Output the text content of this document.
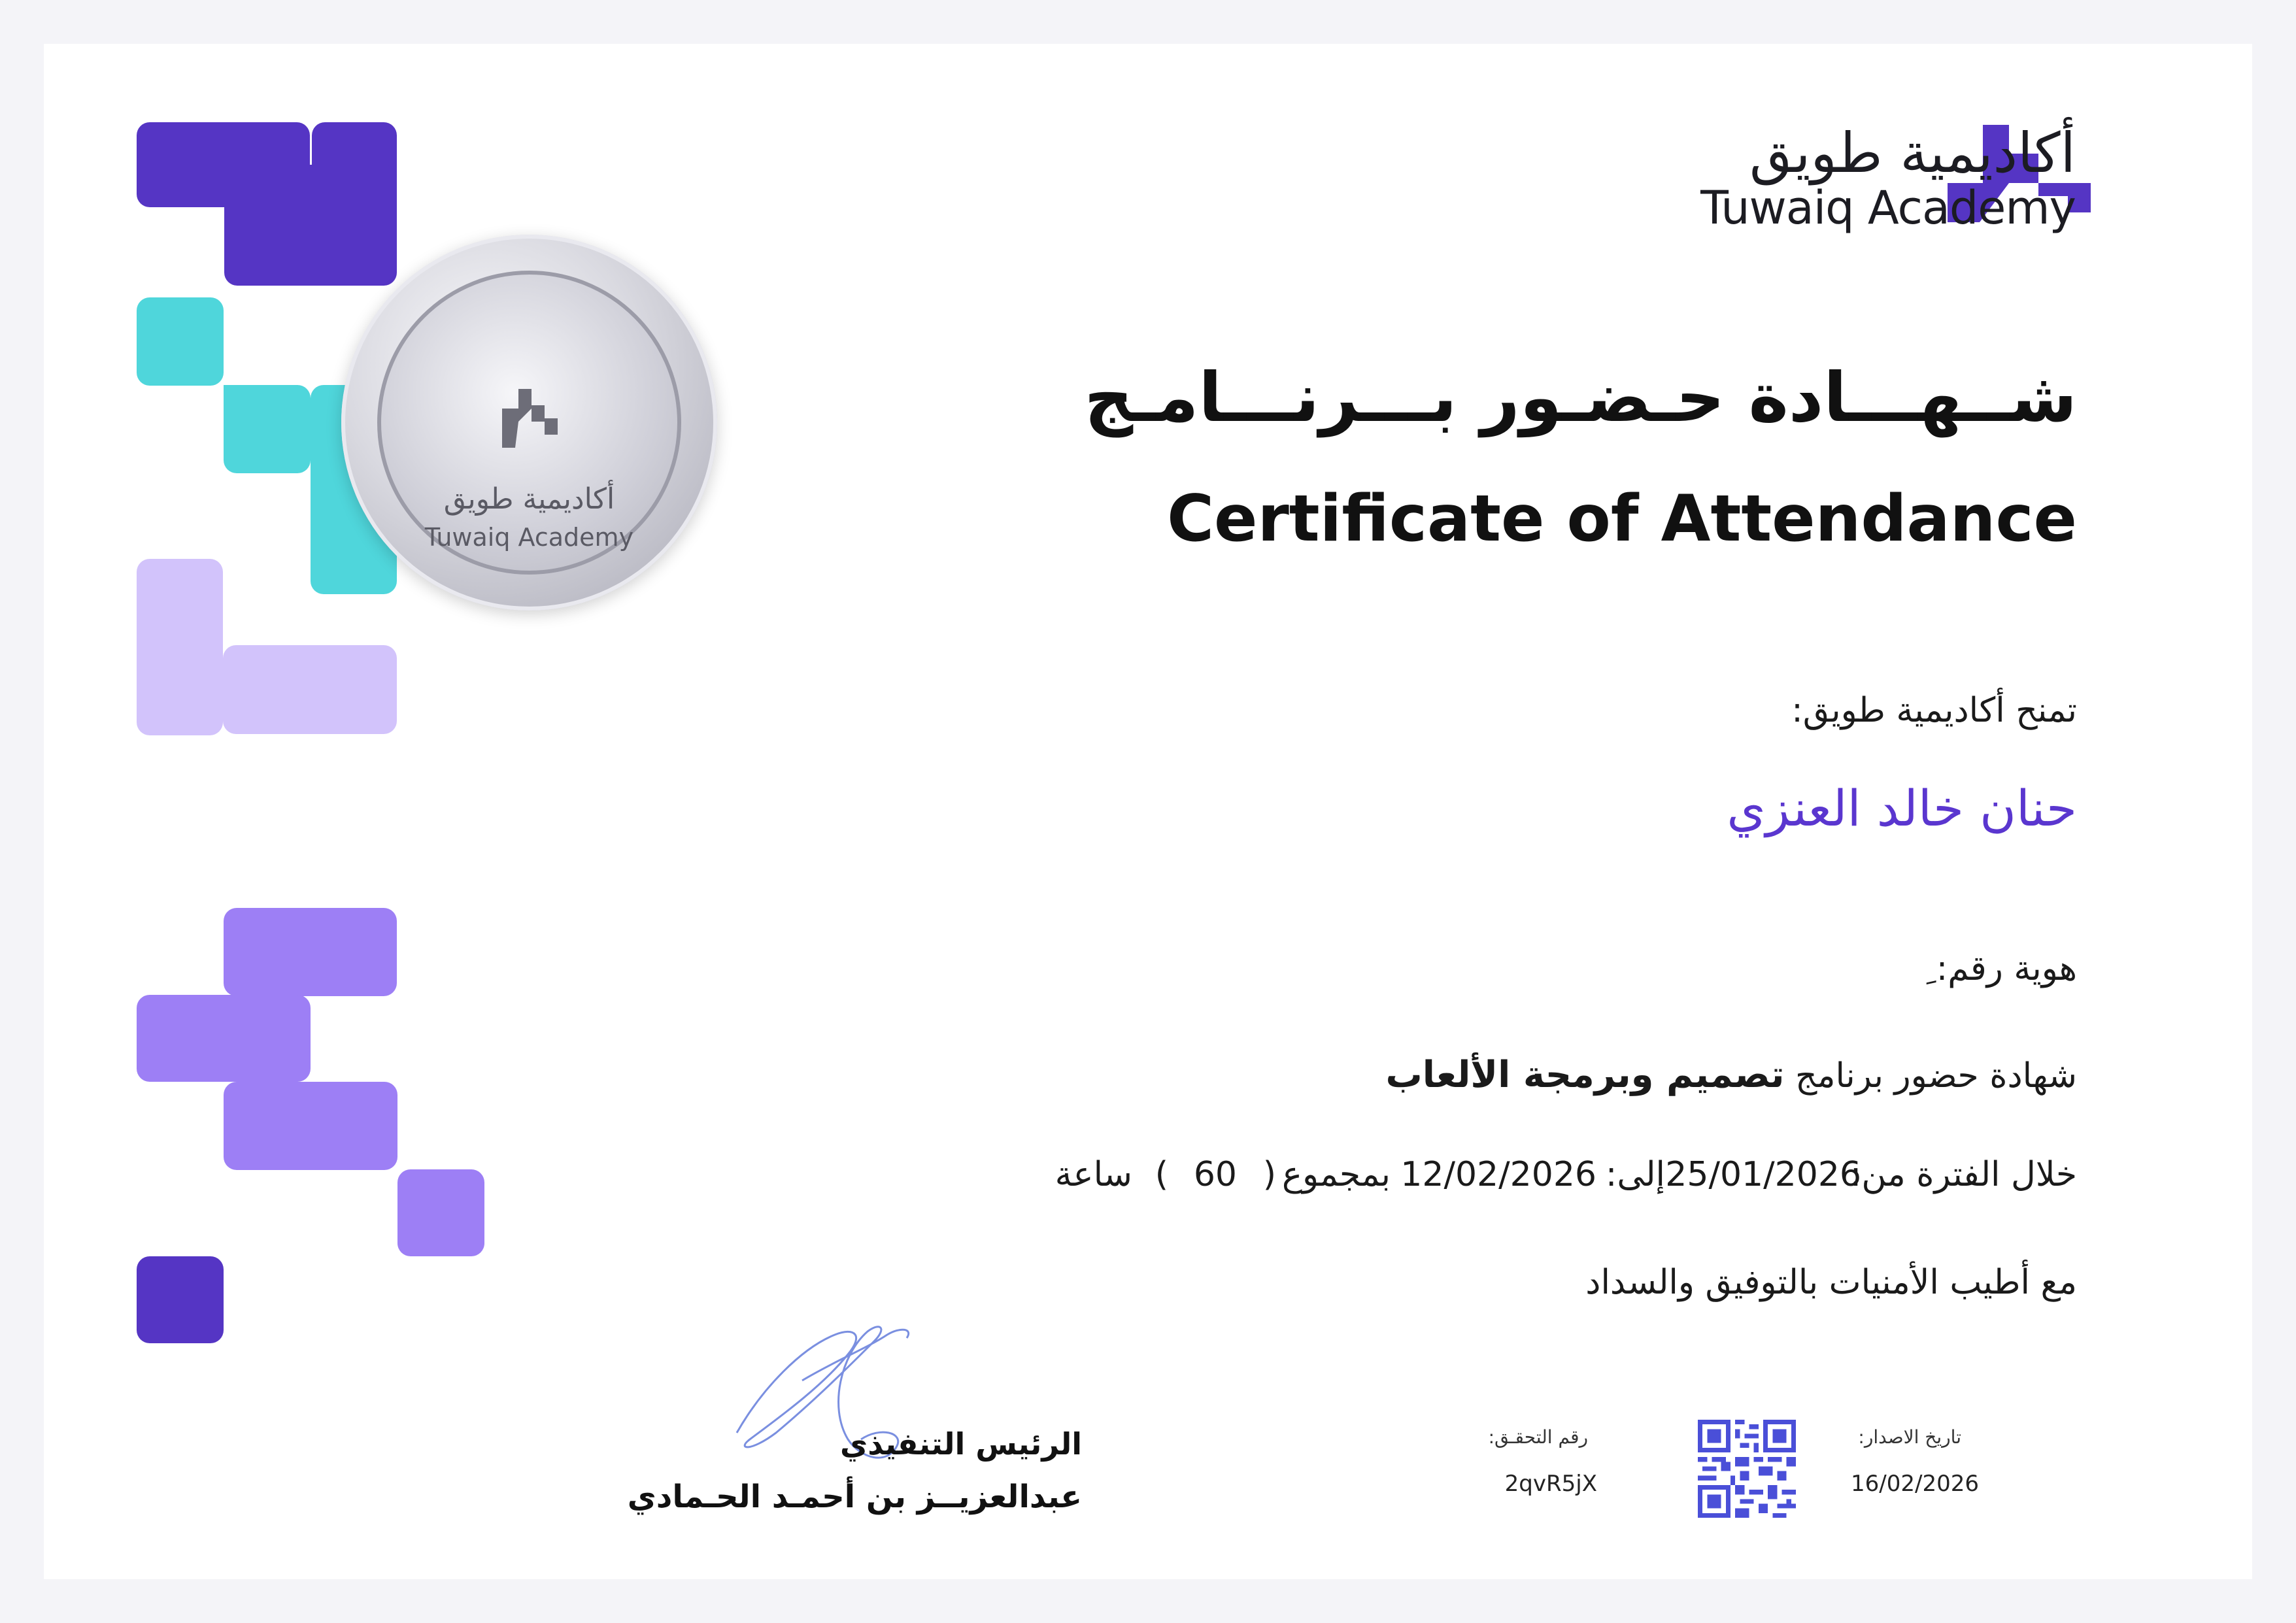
أكاديمية طويق
Tuwaiq Academy
أكاديمية طويق
Tuwaiq Academy
شــهـــادة حـضـور بـــرنـــامـج
Certificate of Attendance
تمنح أكاديمية طويق:
حنان خالد العنزي
هوية رقم:
شهادة حضور برنامج تصميم وبرمجة الألعاب
خلال الفترة من:
25/01/2026
إلى:
12/02/2026
بمجموع
(
60
)
ساعة
مع أطيب الأمنيات بالتوفيق والسداد
الرئيس التنفيذي
عبدالعزيــز بن أحمـد الحـمادي
رقم التحقـق:
2qvR5jX
تاريخ الاصدار:
16/02/2026
